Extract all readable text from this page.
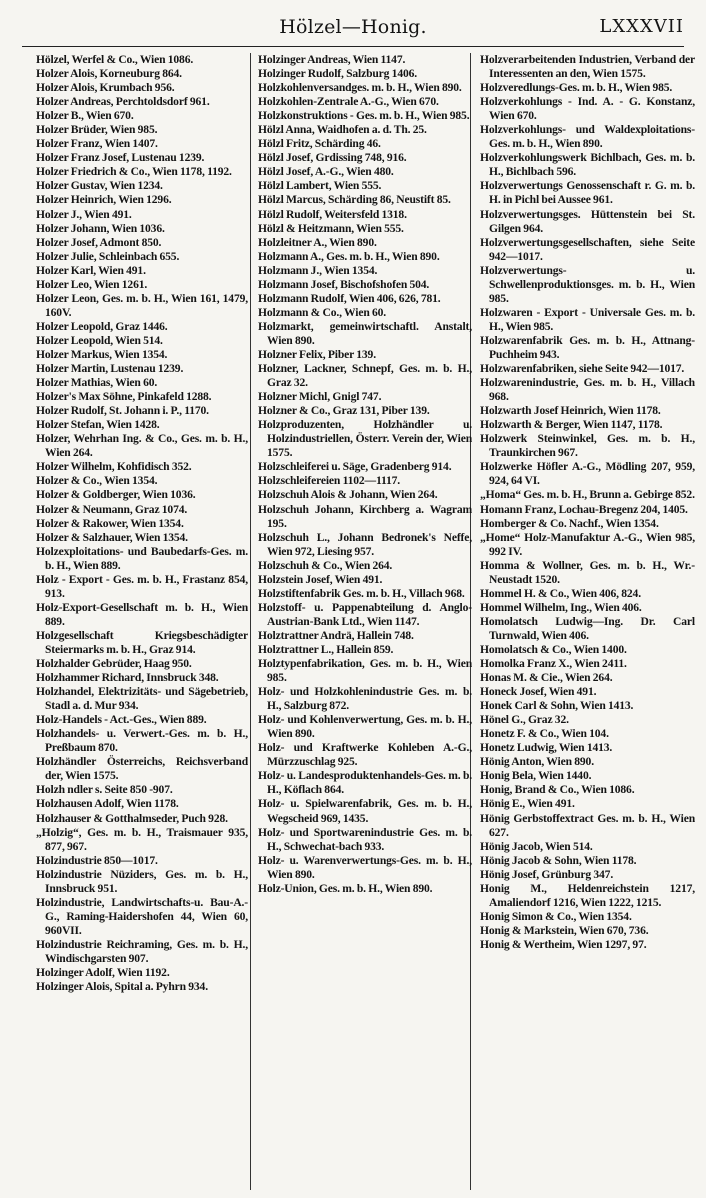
Hölzel—Honig.	LXXXVII
Hölzel, Werfel & Co., Wien 1086.
Holzer Alois, Korneuburg 864.
Holzer Alois, Krumbach 956.
Holzer Andreas, Perchtoldsdorf 961.
Holzer B., Wien 670.
Holzer Brüder, Wien 985.
Holzer Franz, Wien 1407.
Holzer Franz Josef, Lustenau 1239.
Holzer Friedrich & Co., Wien 1178, 1192.
Holzer Gustav, Wien 1234.
Holzer Heinrich, Wien 1296.
Holzer J., Wien 491.
Holzer Johann, Wien 1036.
Holzer Josef, Admont 850.
Holzer Julie, Schleinbach 655.
Holzer Karl, Wien 491.
Holzer Leo, Wien 1261.
Holzer Leon, Ges. m. b. H., Wien 161, 1479, 160V.
Holzer Leopold, Graz 1446.
Holzer Leopold, Wien 514.
Holzer Markus, Wien 1354.
Holzer Martin, Lustenau 1239.
Holzer Mathias, Wien 60.
Holzer's Max Söhne, Pinkafeld 1288.
Holzer Rudolf, St. Johann i. P., 1170.
Holzer Stefan, Wien 1428.
Holzer, Wehrhan Ing. & Co., Ges. m. b. H., Wien 264.
Holzer Wilhelm, Kohfidisch 352.
Holzer & Co., Wien 1354.
Holzer & Goldberger, Wien 1036.
Holzer & Neumann, Graz 1074.
Holzer & Rakower, Wien 1354.
Holzer & Salzhauer, Wien 1354.
Holzexploitations- und Baubedarfs-Ges. m. b. H., Wien 889.
Holz - Export - Ges. m. b. H., Frastanz 854, 913.
Holz-Export-Gesellschaft m. b. H., Wien 889.
Holzgesellschaft Kriegsbeschädigter Steiermarks m. b. H., Graz 914.
Holzhalder Gebrüder, Haag 950.
Holzhammer Richard, Innsbruck 348.
Holzhandel, Elektrizitäts- und Sägebetrieb, Stadl a. d. Mur 934.
Holz-Handels - Act.-Ges., Wien 889.
Holzhandels- u. Verwert.-Ges. m. b. H., Preßbaum 870.
Holzhändler Österreichs, Reichsverband der, Wien 1575.
Holzh ndler s. Seite 850 -907.
Holzhausen Adolf, Wien 1178.
Holzhauser & Gotthalmseder, Puch 928.
„Holzig“, Ges. m. b. H., Traismauer 935, 877, 967.
Holzindustrie 850—1017.
Holzindustrie Nüziders, Ges. m. b. H., Innsbruck 951.
Holzindustrie, Landwirtschafts-u. Bau-A.-G., Raming-Haidershofen 44, Wien 60, 960VII.
Holzindustrie Reichraming, Ges. m. b. H., Windischgarsten 907.
Holzinger Adolf, Wien 1192.
Holzinger Alois, Spital a. Pyhrn 934.
Holzinger Andreas, Wien 1147.
Holzinger Rudolf, Salzburg 1406.
Holzkohlenversandges. m. b. H., Wien 890.
Holzkohlen-Zentrale A.-G., Wien 670.
Holzkonstruktions - Ges. m. b. H., Wien 985.
Hölzl Anna, Waidhofen a. d. Th. 25.
Hölzl Fritz, Schärding 46.
Hölzl Josef, Grdissing 748, 916.
Hölzl Josef, A.-G., Wien 480.
Hölzl Lambert, Wien 555.
Hölzl Marcus, Schärding 86, Neustift 85.
Hölzl Rudolf, Weitersfeld 1318.
Hölzl & Heitzmann, Wien 555.
Holzleitner A., Wien 890.
Holzmann A., Ges. m. b. H., Wien 890.
Holzmann J., Wien 1354.
Holzmann Josef, Bischofshofen 504.
Holzmann Rudolf, Wien 406, 626, 781.
Holzmann & Co., Wien 60.
Holzmarkt, gemeinwirtschaftl. Anstalt, Wien 890.
Holzner Felix, Piber 139.
Holzner, Lackner, Schnepf, Ges. m. b. H., Graz 32.
Holzner Michl, Gnigl 747.
Holzner & Co., Graz 131, Piber 139.
Holzproduzenten, Holzhändler u. Holzindustriellen, Österr. Verein der, Wien 1575.
Holzschleiferei u. Säge, Gradenberg 914.
Holzschleifereien 1102—1117.
Holzschuh Alois & Johann, Wien 264.
Holzschuh Johann, Kirchberg a. Wagram 195.
Holzschuh L., Johann Bedronek's Neffe, Wien 972, Liesing 957.
Holzschuh & Co., Wien 264.
Holzstein Josef, Wien 491.
Holzstiftenfabrik Ges. m. b. H., Villach 968.
Holzstoff- u. Pappenabteilung d. Anglo-Austrian-Bank Ltd., Wien 1147.
Holztrattner Andrä, Hallein 748.
Holztrattner L., Hallein 859.
Holztypenfabrikation, Ges. m. b. H., Wien 985.
Holz- und Holzkohlenindustrie Ges. m. b. H., Salzburg 872.
Holz- und Kohlenverwertung, Ges. m. b. H., Wien 890.
Holz- und Kraftwerke Kohleben A.-G., Mürzzuschlag 925.
Holz- u. Landesproduktenhandels-Ges. m. b. H., Köflach 864.
Holz- u. Spielwarenfabrik, Ges. m. b. H., Wegscheid 969, 1435.
Holz- und Sportwarenindustrie Ges. m. b. H., Schwechat-bach 933.
Holz- u. Warenverwertungs-Ges. m. b. H., Wien 890.
Holz-Union, Ges. m. b. H., Wien 890.
Holzverarbeitenden Industrien, Verband der Interessenten an den, Wien 1575.
Holzveredlungs-Ges. m. b. H., Wien 985.
Holzverkohlungs - Ind. A. - G. Konstanz, Wien 670.
Holzverkohlungs- und Waldexploitations-Ges. m. b. H., Wien 890.
Holzverkohlungswerk Bichlbach, Ges. m. b. H., Bichlbach 596.
Holzverwertungs Genossenschaft r. G. m. b. H. in Pichl bei Aussee 961.
Holzverwertungsges. Hüttenstein bei St. Gilgen 964.
Holzverwertungsgesellschaften, siehe Seite 942—1017.
Holzverwertungs- u. Schwellenproduktionsges. m. b. H., Wien 985.
Holzwaren - Export - Universale Ges. m. b. H., Wien 985.
Holzwarenfabrik Ges. m. b. H., Attnang-Puchheim 943.
Holzwarenfabriken, siehe Seite 942—1017.
Holzwarenindustrie, Ges. m. b. H., Villach 968.
Holzwarth Josef Heinrich, Wien 1178.
Holzwarth & Berger, Wien 1147, 1178.
Holzwerk Steinwinkel, Ges. m. b. H., Traunkirchen 967.
Holzwerke Höfler A.-G., Mödling 207, 959, 924, 64 VI.
„Homa“ Ges. m. b. H., Brunn a. Gebirge 852.
Homann Franz, Lochau-Bregenz 204, 1405.
Homberger & Co. Nachf., Wien 1354.
„Home“ Holz-Manufaktur A.-G., Wien 985, 992 IV.
Homma & Wollner, Ges. m. b. H., Wr.-Neustadt 1520.
Hommel H. & Co., Wien 406, 824.
Hommel Wilhelm, Ing., Wien 406.
Homolatsch Ludwig—Ing. Dr. Carl Turnwald, Wien 406.
Homolatsch & Co., Wien 1400.
Homolka Franz X., Wien 2411.
Honas M. & Cie., Wien 264.
Honeck Josef, Wien 491.
Honek Carl & Sohn, Wien 1413.
Hönel G., Graz 32.
Honetz F. & Co., Wien 104.
Honetz Ludwig, Wien 1413.
Hönig Anton, Wien 890.
Honig Bela, Wien 1440.
Honig, Brand & Co., Wien 1086.
Hönig E., Wien 491.
Hönig Gerbstoffextract Ges. m. b. H., Wien 627.
Hönig Jacob, Wien 514.
Hönig Jacob & Sohn, Wien 1178.
Hönig Josef, Grünburg 347.
Honig M., Heldenreichstein 1217, Amaliendorf 1216, Wien 1222, 1215.
Honig Simon & Co., Wien 1354.
Honig & Markstein, Wien 670, 736.
Honig & Wertheim, Wien 1297, 97.
